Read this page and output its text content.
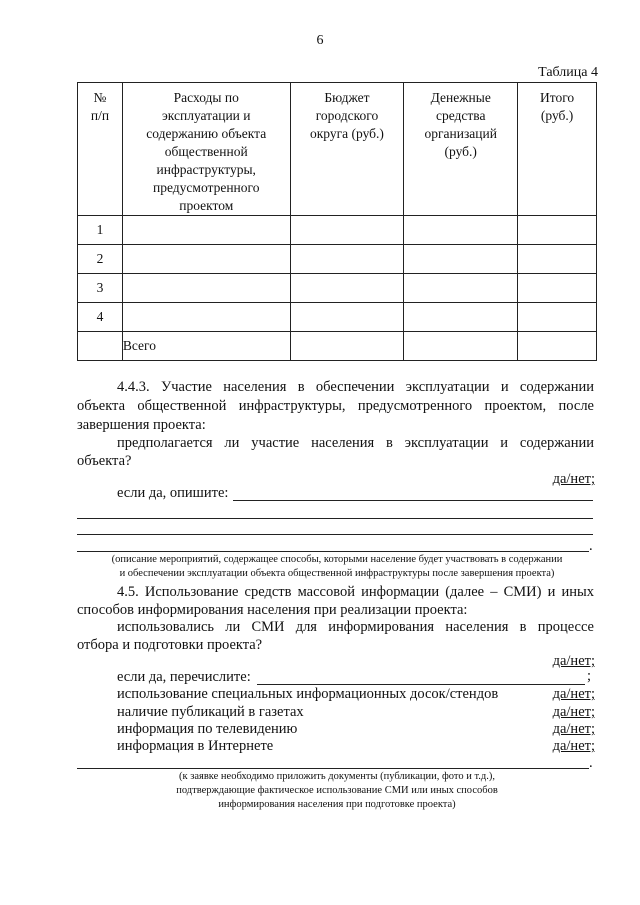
6
Таблица 4
№ п/п	Расходы по эксплуатации и содержанию объекта общественной инфраструктуры, предусмотренного проектом	Бюджет городского округа (руб.)	Денежные средства организаций (руб.)	Итого (руб.)
1				
2				
3				
4				
	Всего			
4.4.3. Участие населения в обеспечении эксплуатации и содержании
объекта общественной инфраструктуры, предусмотренного проектом, после
завершения проекта:
предполагается ли участие населения в эксплуатации и содержании
объекта?
да/нет;
если да, опишите:
.
(описание мероприятий, содержащее способы, которыми население будет участвовать в содержании
и обеспечении эксплуатации объекта общественной инфраструктуры после завершения проекта)
4.5. Использование средств массовой информации (далее – СМИ) и иных
способов информирования населения при реализации проекта:
использовались ли СМИ для информирования населения в процессе
отбора и подготовки проекта?
да/нет;
если да, перечислите:	;
использование специальных информационных досок/стендов	да/нет;
наличие публикаций в газетах	да/нет;
информация по телевидению	да/нет;
информация в Интернете	да/нет;
.
(к заявке необходимо приложить документы (публикации, фото и т.д.),
подтверждающие фактическое использование СМИ или иных способов
информирования населения при подготовке проекта)
